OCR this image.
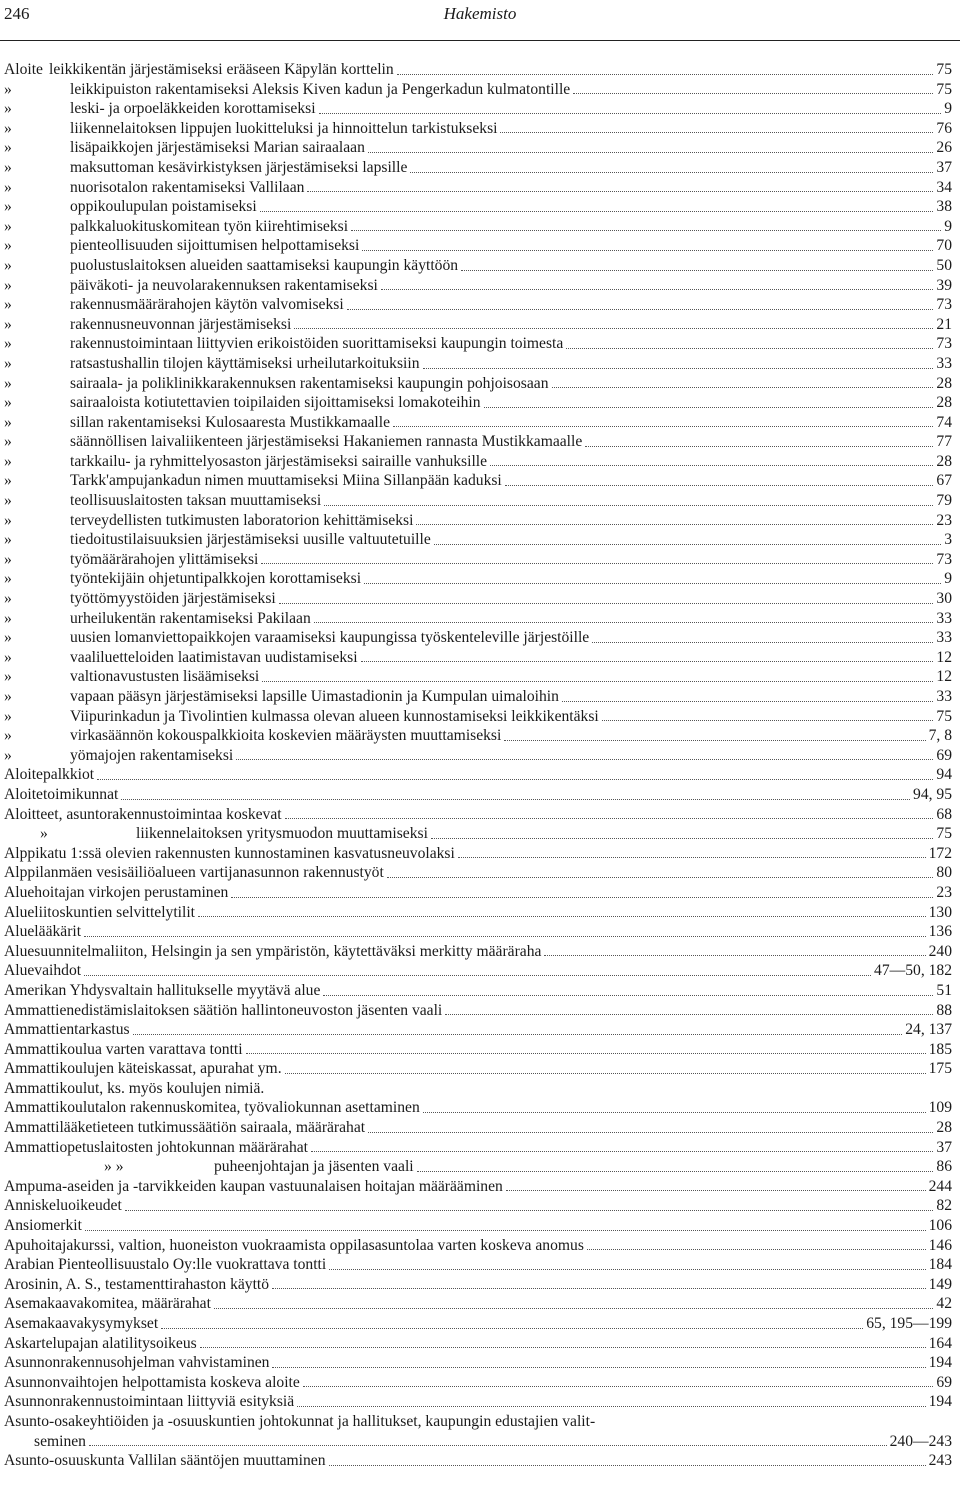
246	Hakemisto
Aloite leikkikentän järjestämiseksi erääseen Käpylän korttelin	75
»	leikkipuiston rakentamiseksi Aleksis Kiven kadun ja Pengerkadun kulmatontille	75
»	leski- ja orpoeläkkeiden korottamiseksi	9
»	liikennelaitoksen lippujen luokitteluksi ja hinnoittelun tarkistukseksi	76
»	lisäpaikkojen järjestämiseksi Marian sairaalaan	26
»	maksuttoman kesävirkistyksen järjestämiseksi lapsille	37
»	nuorisotalon rakentamiseksi Vallilaan	34
»	oppikoulupulan poistamiseksi	38
»	palkkaluokituskomitean työn kiirehtimiseksi	9
»	pienteollisuuden sijoittumisen helpottamiseksi	70
»	puolustuslaitoksen alueiden saattamiseksi kaupungin käyttöön	50
»	päiväkoti- ja neuvolarakennuksen rakentamiseksi	39
»	rakennusmäärärahojen käytön valvomiseksi	73
»	rakennusneuvonnan järjestämiseksi	21
»	rakennustoimintaan liittyvien erikoistöiden suorittamiseksi kaupungin toimesta	73
»	ratsastushallin tilojen käyttämiseksi urheilutarkoituksiin	33
»	sairaala- ja poliklinikkarakennuksen rakentamiseksi kaupungin pohjoisosaan	28
»	sairaaloista kotiutettavien toipilaiden sijoittamiseksi lomakoteihin	28
»	sillan rakentamiseksi Kulosaaresta Mustikkamaalle	74
»	säännöllisen laivaliikenteen järjestämiseksi Hakaniemen rannasta Mustikkamaalle	77
»	tarkkailu- ja ryhmittelyosaston järjestämiseksi sairaille vanhuksille	28
»	Tarkk'ampujankadun nimen muuttamiseksi Miina Sillanpään kaduksi	67
»	teollisuuslaitosten taksan muuttamiseksi	79
»	terveydellisten tutkimusten laboratorion kehittämiseksi	23
»	tiedoitustilaisuuksien järjestämiseksi uusille valtuutetuille	3
»	työmäärärahojen ylittämiseksi	73
»	työntekijäin ohjetuntipalkkojen korottamiseksi	9
»	työttömyystöiden järjestämiseksi	30
»	urheilukentän rakentamiseksi Pakilaan	33
»	uusien lomanviettopaikkojen varaamiseksi kaupungissa työskenteleville järjestöille	33
»	vaaliluetteloiden laatimistavan uudistamiseksi	12
»	valtionavustusten lisäämiseksi	12
»	vapaan pääsyn järjestämiseksi lapsille Uimastadionin ja Kumpulan uimaloihin	33
»	Viipurinkadun ja Tivolintien kulmassa olevan alueen kunnostamiseksi leikkikentäksi	75
»	virkasäännön kokouspalkkioita koskevien määräysten muuttamiseksi	7, 8
»	yömajojen rakentamiseksi	69
Aloitepalkkiot	94
Aloitetoimikunnat	94, 95
Aloitteet, asuntorakennustoimintaa koskevat	68
»	liikennelaitoksen yritysmuodon muuttamiseksi	75
Alppikatu 1:ssä olevien rakennusten kunnostaminen kasvatusneuvolaksi	172
Alppilanmäen vesisäiliöalueen vartijanasunnon rakennustyöt	80
Aluehoitajan virkojen perustaminen	23
Alueliitoskuntien selvittelytilit	130
Aluelääkärit	136
Aluesuunnitelmaliiton, Helsingin ja sen ympäristön, käytettäväksi merkitty määräraha	240
Aluevaihdot	47—50, 182
Amerikan Yhdysvaltain hallitukselle myytävä alue	51
Ammattienedistämislaitoksen säätiön hallintoneuvoston jäsenten vaali	88
Ammattientarkastus	24, 137
Ammattikoulua varten varattava tontti	185
Ammattikoulujen käteiskassat, apurahat ym.	175
Ammattikoulut, ks. myös koulujen nimiä.
Ammattikoulutalon rakennuskomitea, työvaliokunnan asettaminen	109
Ammattilääketieteen tutkimussäätiön sairaala, määrärahat	28
Ammattiopetuslaitosten johtokunnan määrärahat	37
» »	puheenjohtajan ja jäsenten vaali	86
Ampuma-aseiden ja -tarvikkeiden kaupan vastuunalaisen hoitajan määrääminen	244
Anniskeluoikeudet	82
Ansiomerkit	106
Apuhoitajakurssi, valtion, huoneiston vuokraamista oppilasasuntolaa varten koskeva anomus	146
Arabian Pienteollisuustalo Oy:lle vuokrattava tontti	184
Arosinin, A. S., testamenttirahaston käyttö	149
Asemakaavakomitea, määrärahat	42
Asemakaavakysymykset	65, 195—199
Askartelupajan alatilitysoikeus	164
Asunnonrakennusohjelman vahvistaminen	194
Asunnonvaihtojen helpottamista koskeva aloite	69
Asunnonrakennustoimintaan liittyviä esityksiä	194
Asunto-osakeyhtiöiden ja -osuuskuntien johtokunnat ja hallitukset, kaupungin edustajien valit-
seminen	240—243
Asunto-osuuskunta Vallilan sääntöjen muuttaminen	243
